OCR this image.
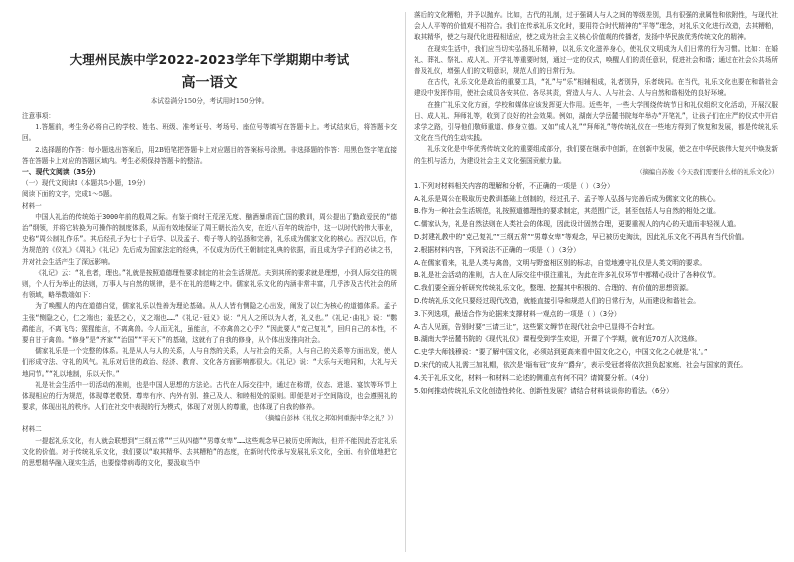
大理州民族中学2022-2023学年下学期期中考试
高一语文
本试卷满分150分，考试用时150分钟。

注意事项：

1.答题前，考生务必将自己的学校、姓名、班级、准考证号、考场号、座位号等填写在答题卡上。考试结束后，将答题卡交回。

2.选择题的作答：每小题选出答案后，用2B铅笔把答题卡上对应题目的答案标号涂黑。非选择题的作答：用黑色签字笔直接答在答题卡上对应的答题区域内。考生必须保持答题卡的整洁。

一、现代文阅读（35分）

（一）现代文阅读Ⅰ（本题共5小题，19分）

阅读下面的文字，完成1～5题。

材料一

中国人礼治的传统始于3000年前的殷周之际。有鉴于商纣王荒淫无度、酗酒暴虐而亡国的教训，周公提出了勤政爱民的“德治”纲领，并将它转换为可操作的制度体系，从而有效地保证了周王朝长治久安，在近八百年的统治中，这一以时代的伟大事业，史称“周公制礼作乐”。其后经孔子为七十子后学、以及孟子、荀子等人的弘扬和完善，礼乐成为儒家文化的核心。西汉以后，作为规范的《仪礼》《周礼》《礼记》先后成为国家法定的经典，不仅成为历代王朝制定礼典的依据，而且成为学子们的必读之书，并对社会生活产生了深远影响。

《礼记》云：“礼也者，理也。”礼就是按照道德理性要求制定的社会生活规范。夫到其所的要求就是理想，小到人际交往的规则，个人行为举止的法则，万事人与自然的规律，是不在礼的范畴之中。儒家礼乐文化的内涵非常丰富，几乎涉及古代社会的所有领域，略举数端如下：

为了唤醒人的内在道德自觉，儒家礼乐以性善为理论基础。从人人皆有恻隐之心出发，阐发了以仁为核心的道德体系。孟子主张“恻隐之心，仁之端也；羞恶之心，义之端也……”《礼记·冠义》说：“凡人之所以为人者，礼义也。”《礼记·曲礼》说：“鹦鹉能言，不离飞鸟；猩猩能言，不离禽兽。今人而无礼，虽能言，不亦禽兽之心乎？”因此要人“克己复礼”，回归自己的本性，不要自甘于禽兽。“修身”是“齐家”“治国”“平天下”的基础，这就有了自我的修身，从个体出发推向社会。

儒家礼乐是一个完整的体系。礼是从人与人的关系，人与自然的关系，人与社会的关系，人与自己的关系等方面出发，使人们形成守法、守礼的风气。礼乐对后世的政治、经济、教育、文化各方面影响都很大。《礼记》说：“大乐与天地同和，大礼与天地同节。”“礼以地制，乐以天作。”

礼是社会生活中一切活动的准则，也是中国人思想的方法论。古代在人际交往中，通过在称谓，仪态、进退、宴饮等环节上体现相应的行为规范，体现尊老敬贤、尊卑有序、内外有别、推己及人、和睦相处的原则。即便是对于空间陈设，也会遵照礼的要求，体现出礼的秩序。人们在社交中表现的行为模式，体现了对别人的尊重，也体现了自我的修养。

（摘编自彭林《礼仪之邦如何重振中华之礼？》）

材料二

一提起礼乐文化，有人就会联想到“三纲五常”“三从四德”“男尊女卑”……这些观念早已被历史所淘汰，但并不能因此否定礼乐文化的价值。对于传统礼乐文化，我们要以“取其精华、去其糟粕”的态度，在新时代传承与发展礼乐文化，全面、有价值地把它的思想精华融入现实生活，也要像带病毒的文化，要汲取当中

落后的文化糟粕，并予以抛弃。比如，古代的礼制，过于强调人与人之间的等级差别，具有很强的隶属性和依附性，与现代社会人人平等的价值观不相符合。我们在传承礼乐文化时，要用符合时代精神的“平等”理念，对礼乐文化进行改造，去其糟粕，取其精华，使之与现代化进程相适应，使之成为社会主义核心价值观的传播者，发扬中华民族优秀传统文化的精神。

在现实生活中，我们应当切实弘扬礼乐精神，以礼乐文化滋养身心，使礼仪文明成为人们日常的行为习惯。比如：在婚礼、葬礼、祭礼、成人礼、开学礼等重要时刻，通过一定的仪式，唤醒人们的责任意识，促进社会和谐；通过在社会公共场所普及礼仪，增强人们的文明意识，规范人们的日常行为。

在古代，礼乐文化是政治的重要工具，“礼”与“乐”相辅相成，礼者别异，乐者统同。在当代，礼乐文化也要在和谐社会建设中发挥作用，使社会成员各安其位、各尽其责，营造人与人、人与社会、人与自然和谐相处的良好环境。

在推广礼乐文化方面，学校和媒体应该发挥更大作用。近些年，一些大学围绕传统节日和礼仪组织文化活动，开展汉服日、成人礼、拜师礼等，收到了良好的社会效果。例如，湖南大学岳麓书院每年举办“开笔礼”，让孩子们在庄严的仪式中开启求学之路，引导他们敬师重道、修身立德。又如“成人礼”“拜师礼”等传统礼仪在一些地方得到了恢复和发展，都是传统礼乐文化在当代的生动实践。

礼乐文化是中华优秀传统文化的重要组成部分，我们要在继承中创新，在创新中发展，使之在中华民族伟大复兴中焕发新的生机与活力，为建设社会主义文化强国贡献力量。

（摘编自苏俊《今天我们需要什么样的礼乐文化》）

1.下列对材料相关内容的理解和分析，不正确的一项是（ ）（3分）

A.礼乐是周公在吸取历史教训基础上创制的，经过孔子、孟子等人弘扬与完善后成为儒家文化的核心。

B.作为一种社会生活规范，礼按照道德理性的要求制定，其范围广泛，甚至包括人与自然的相处之道。

C.儒家认为，礼是自然法则在人类社会的体现，因此设计固然合理，更要重视人的内心的天道而非轻视人道。

D.封建礼教中的“克己复礼”“三纲五常”“男尊女卑”等观念，早已被历史淘汰，因此礼乐文化不再具有当代价值。

2.根据材料内容，下列说法不正确的一项是（ ）（3分）

A.在儒家看来，礼是人类与禽兽，文明与野蛮相区别的标志，自觉地遵守礼仪是人类文明的要求。

B.礼是社会活动的准则，古人在人际交往中很注重礼，为此在许多礼仪环节中都精心设计了各种仪节。

C.我们要全面分析研究传统礼乐文化，整理、挖掘其中积极的、合理的、有价值的思想资源。

D.传统礼乐文化只要经过现代改造，就能直接引导和规范人们的日常行为，从而建设和谐社会。

3.下列选项，最适合作为论据来支撑材料一观点的一项是（ ）（3分）

A.古人见面，告别时要“三请三让”，这些繁文缛节在现代社会中已显得不合时宜。

B.湖南大学岳麓书院的《现代礼仪》课程受到学生欢迎，开课了个学期，就有近70万人次选修。

C.史学大师钱穆说：“要了解中国文化，必须站到更高来看中国文化之心，中国文化之心就是‘礼’。”

D.宋代的成人礼需三加礼帽，依次是‘缁布冠’‘皮弁’‘爵弁’，表示受冠者将依次担负起家庭、社会与国家的责任。

4.关于礼乐文化，材料一和材料二论述的侧重点有何不同？请简要分析。（4分）

5.如何推动传统礼乐文化创造性转化、创新性发展？请结合材料谈谈你的看法。（6分）
